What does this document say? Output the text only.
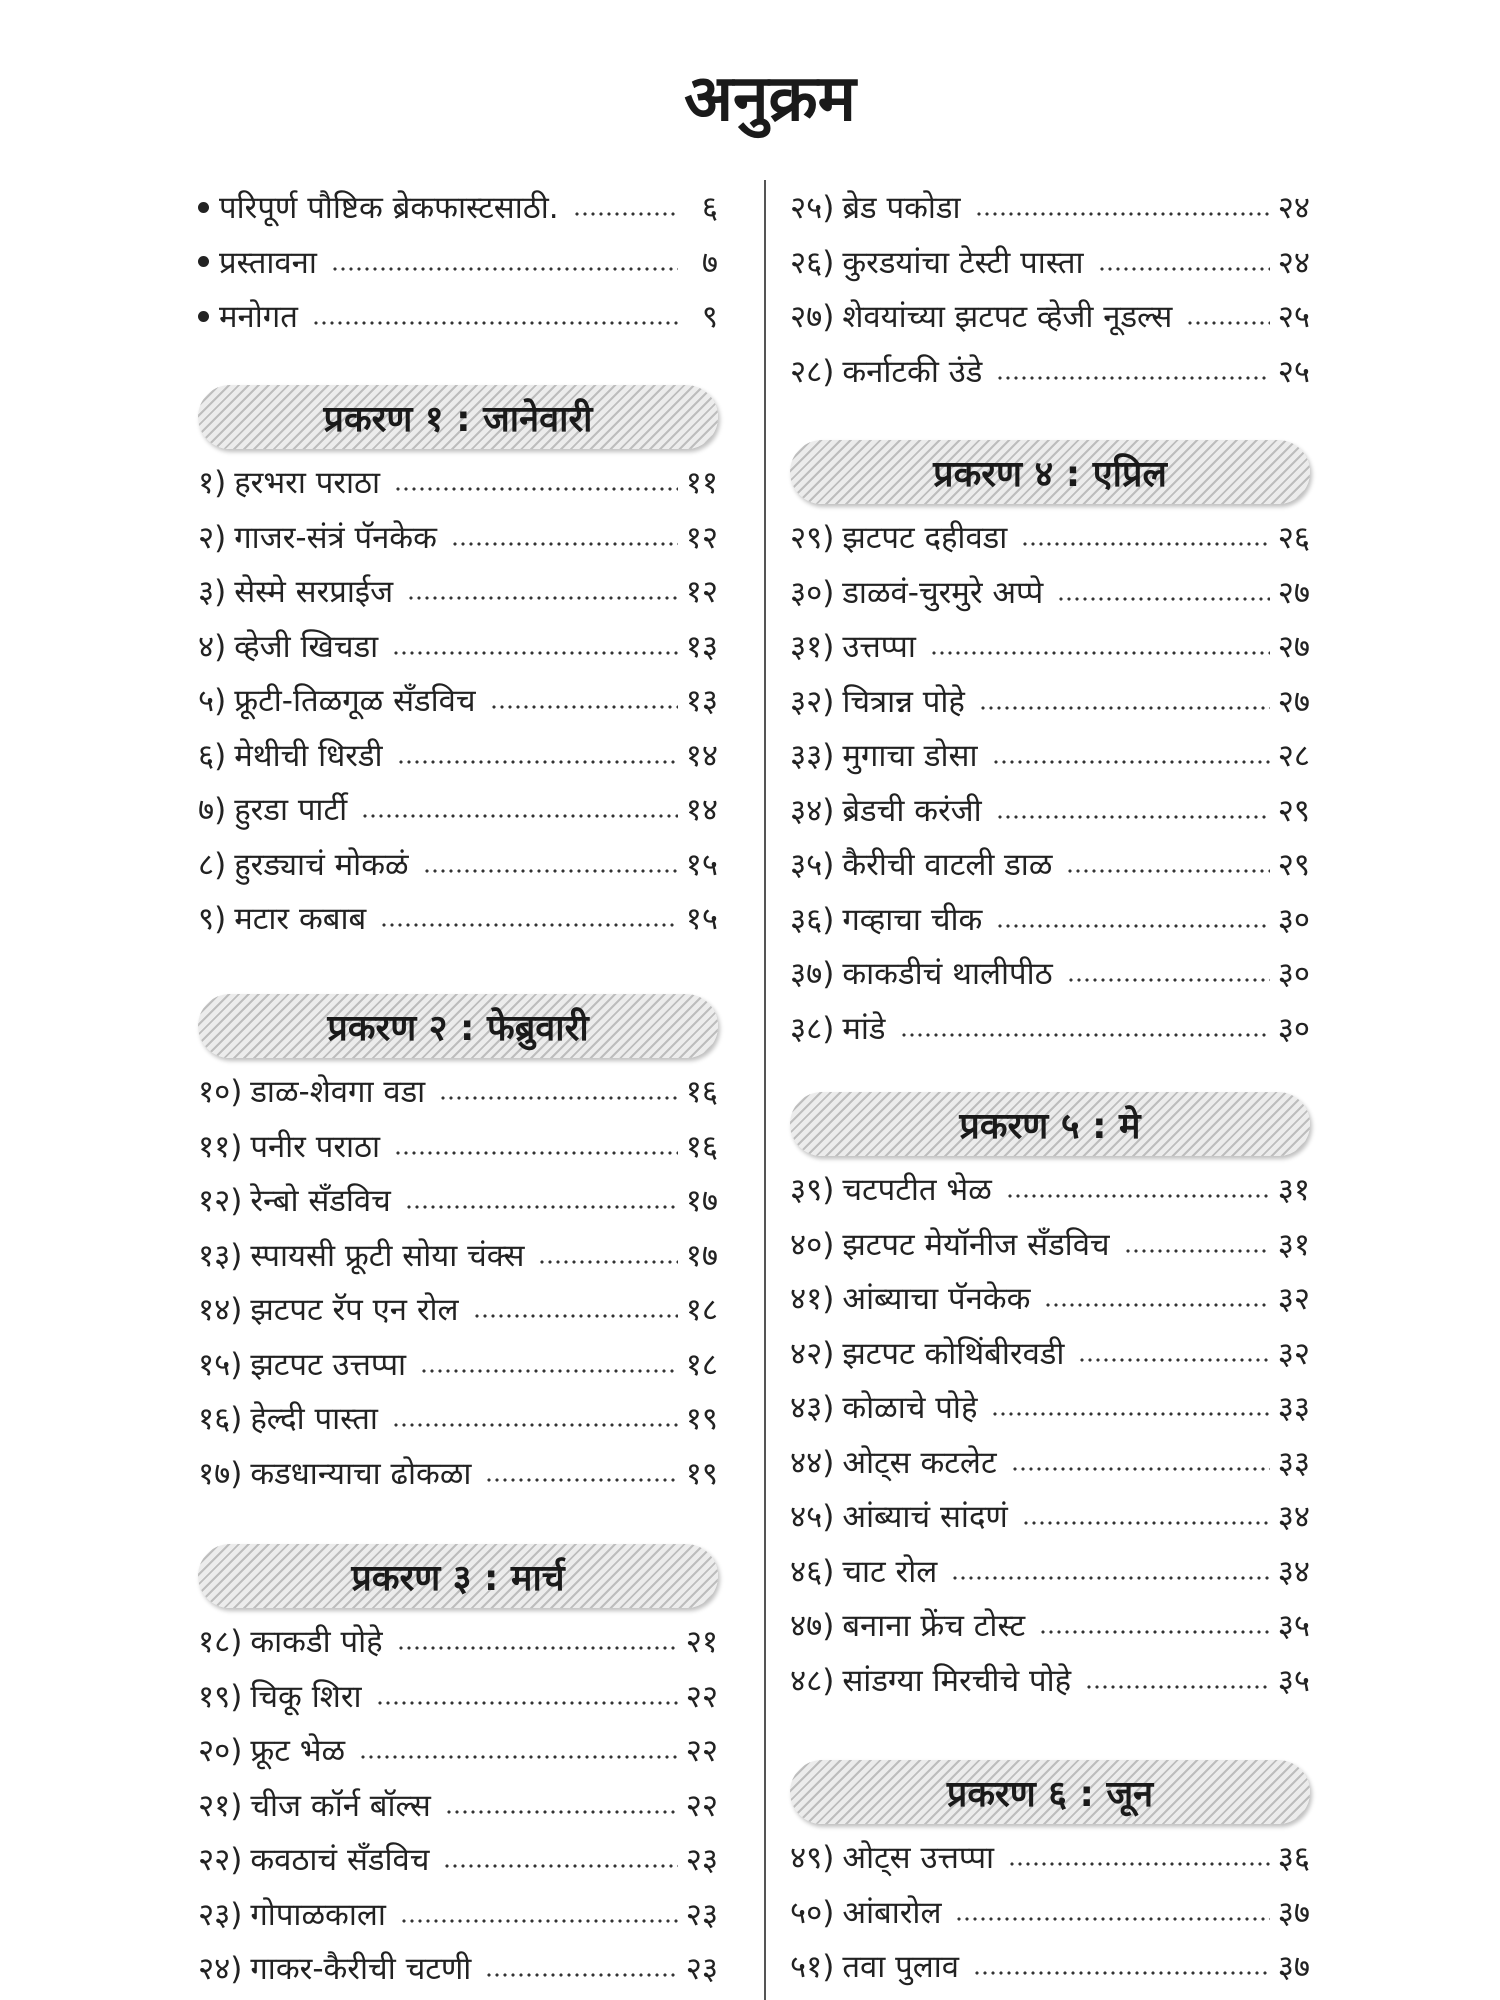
अनुक्रम
परिपूर्ण पौष्टिक ब्रेकफास्टसाठी.	६
प्रस्तावना	७
मनोगत	९
प्रकरण १ : जानेवारी
१) हरभरा पराठा	११
२) गाजर-संत्रं पॅनकेक	१२
३) सेस्मे सरप्राईज	१२
४) व्हेजी खिचडा	१३
५) फ्रूटी-तिळगूळ सँडविच	१३
६) मेथीची धिरडी	१४
७) हुरडा पार्टी	१४
८) हुरड्याचं मोकळं	१५
९) मटार कबाब	१५
प्रकरण २ : फेब्रुवारी
१०) डाळ-शेवगा वडा	१६
११) पनीर पराठा	१६
१२) रेन्बो सँडविच	१७
१३) स्पायसी फ्रूटी सोया चंक्स	१७
१४) झटपट रॅप एन रोल	१८
१५) झटपट उत्तप्पा	१८
१६) हेल्दी पास्ता	१९
१७) कडधान्याचा ढोकळा	१९
प्रकरण ३ : मार्च
१८) काकडी पोहे	२१
१९) चिकू शिरा	२२
२०) फ्रूट भेळ	२२
२१) चीज कॉर्न बॉल्स	२२
२२) कवठाचं सँडविच	२३
२३) गोपाळकाला	२३
२४) गाकर-कैरीची चटणी	२३
२५) ब्रेड पकोडा	२४
२६) कुरडयांचा टेस्टी पास्ता	२४
२७) शेवयांच्या झटपट व्हेजी नूडल्स	२५
२८) कर्नाटकी उंडे	२५
प्रकरण ४ : एप्रिल
२९) झटपट दहीवडा	२६
३०) डाळवं-चुरमुरे अप्पे	२७
३१) उत्तप्पा	२७
३२) चित्रान्न पोहे	२७
३३) मुगाचा डोसा	२८
३४) ब्रेडची करंजी	२९
३५) कैरीची वाटली डाळ	२९
३६) गव्हाचा चीक	३०
३७) काकडीचं थालीपीठ	३०
३८) मांडे	३०
प्रकरण ५ : मे
३९) चटपटीत भेळ	३१
४०) झटपट मेयॉनीज सँडविच	३१
४१) आंब्याचा पॅनकेक	३२
४२) झटपट कोथिंबीरवडी	३२
४३) कोळाचे पोहे	३३
४४) ओट्स कटलेट	३३
४५) आंब्याचं सांदणं	३४
४६) चाट रोल	३४
४७) बनाना फ्रेंच टोस्ट	३५
४८) सांडग्या मिरचीचे पोहे	३५
प्रकरण ६ : जून
४९) ओट्स उत्तप्पा	३६
५०) आंबारोल	३७
५१) तवा पुलाव	३७
